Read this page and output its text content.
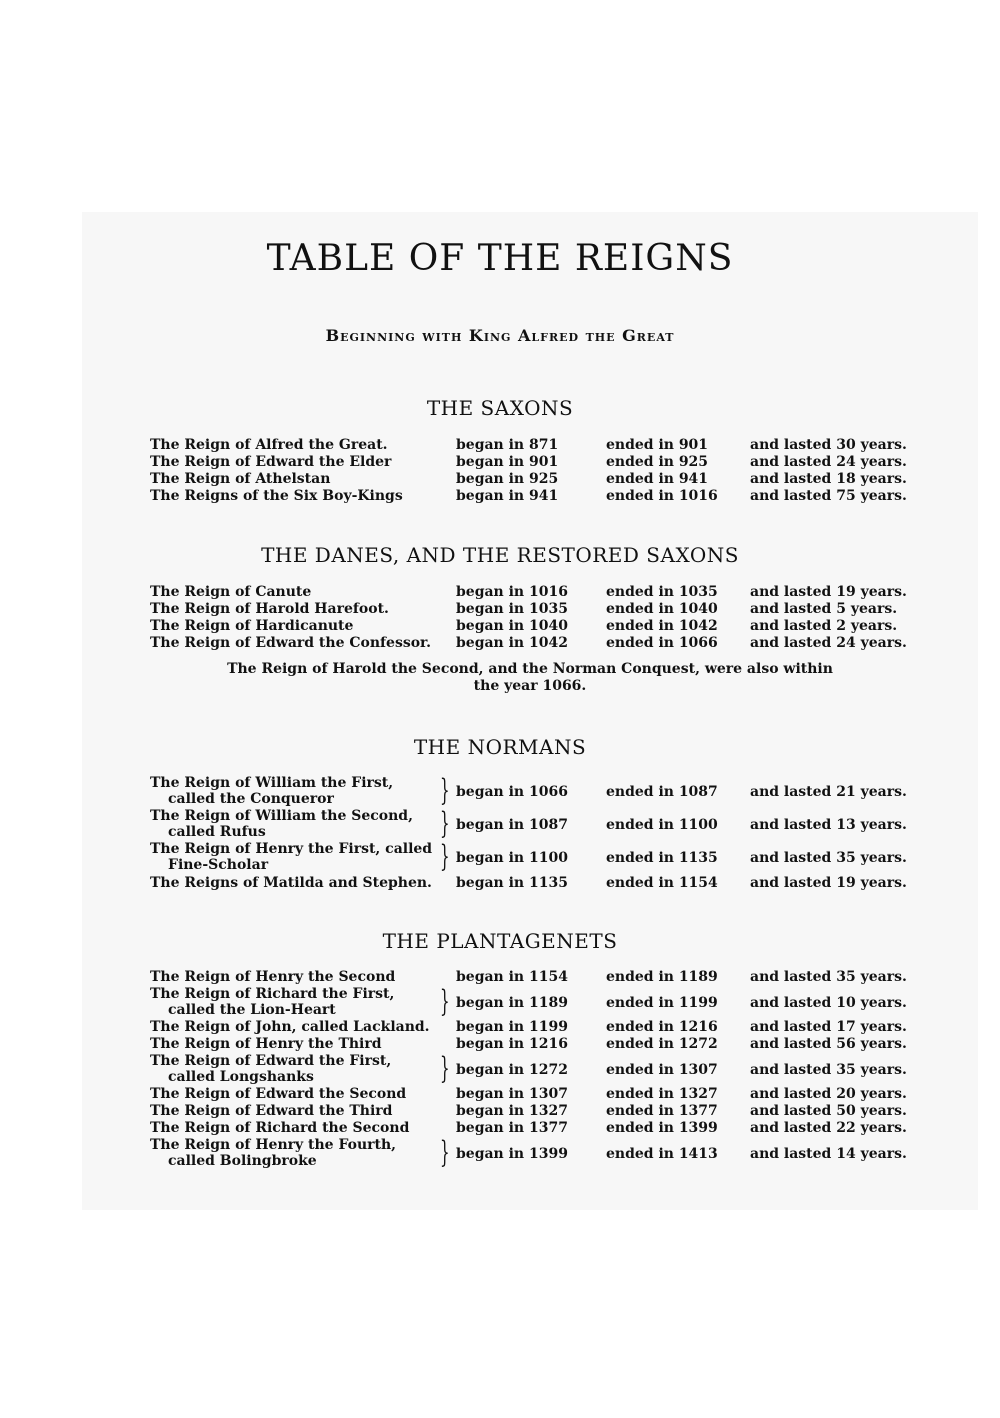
TABLE OF THE REIGNS
Beginning with King Alfred the Great
THE SAXONS
The Reign of Alfred the Great.	began in 871	ended in 901	and lasted 30 years.
The Reign of Edward the Elder	began in 901	ended in 925	and lasted 24 years.
The Reign of Athelstan	began in 925	ended in 941	and lasted 18 years.
The Reigns of the Six Boy-Kings	began in 941	ended in 1016 and lasted 75 years.
THE DANES, AND THE RESTORED SAXONS
The Reign of Canute	began in 1016	ended in 1035 and lasted 19 years.
The Reign of Harold Harefoot.	began in 1035	ended in 1040 and lasted 5 years.
The Reign of Hardicanute	began in 1040	ended in 1042 and lasted 2 years.
The Reign of Edward the Confessor.	began in 1042	ended in 1066 and lasted 24 years.
The Reign of Harold the Second, and the Norman Conquest, were also within the year 1066.
THE NORMANS
The Reign of William the First,
called the Conqueror	} began in 1066	ended in 1087 and lasted 21 years.
The Reign of William the Second,
called Rufus	} began in 1087	ended in 1100 and lasted 13 years.
The Reign of Henry the First, called
Fine-Scholar	} began in 1100	ended in 1135 and lasted 35 years.
The Reigns of Matilda and Stephen.	began in 1135	ended in 1154 and lasted 19 years.
THE PLANTAGENETS
The Reign of Henry the Second	began in 1154	ended in 1189 and lasted 35 years.
The Reign of Richard the First,
called the Lion-Heart	} began in 1189	ended in 1199 and lasted 10 years.
The Reign of John, called Lackland.	began in 1199	ended in 1216 and lasted 17 years.
The Reign of Henry the Third	began in 1216	ended in 1272 and lasted 56 years.
The Reign of Edward the First,
called Longshanks	} began in 1272	ended in 1307 and lasted 35 years.
The Reign of Edward the Second	began in 1307	ended in 1327 and lasted 20 years.
The Reign of Edward the Third	began in 1327	ended in 1377 and lasted 50 years.
The Reign of Richard the Second	began in 1377	ended in 1399 and lasted 22 years.
The Reign of Henry the Fourth,
called Bolingbroke	} began in 1399	ended in 1413 and lasted 14 years.
